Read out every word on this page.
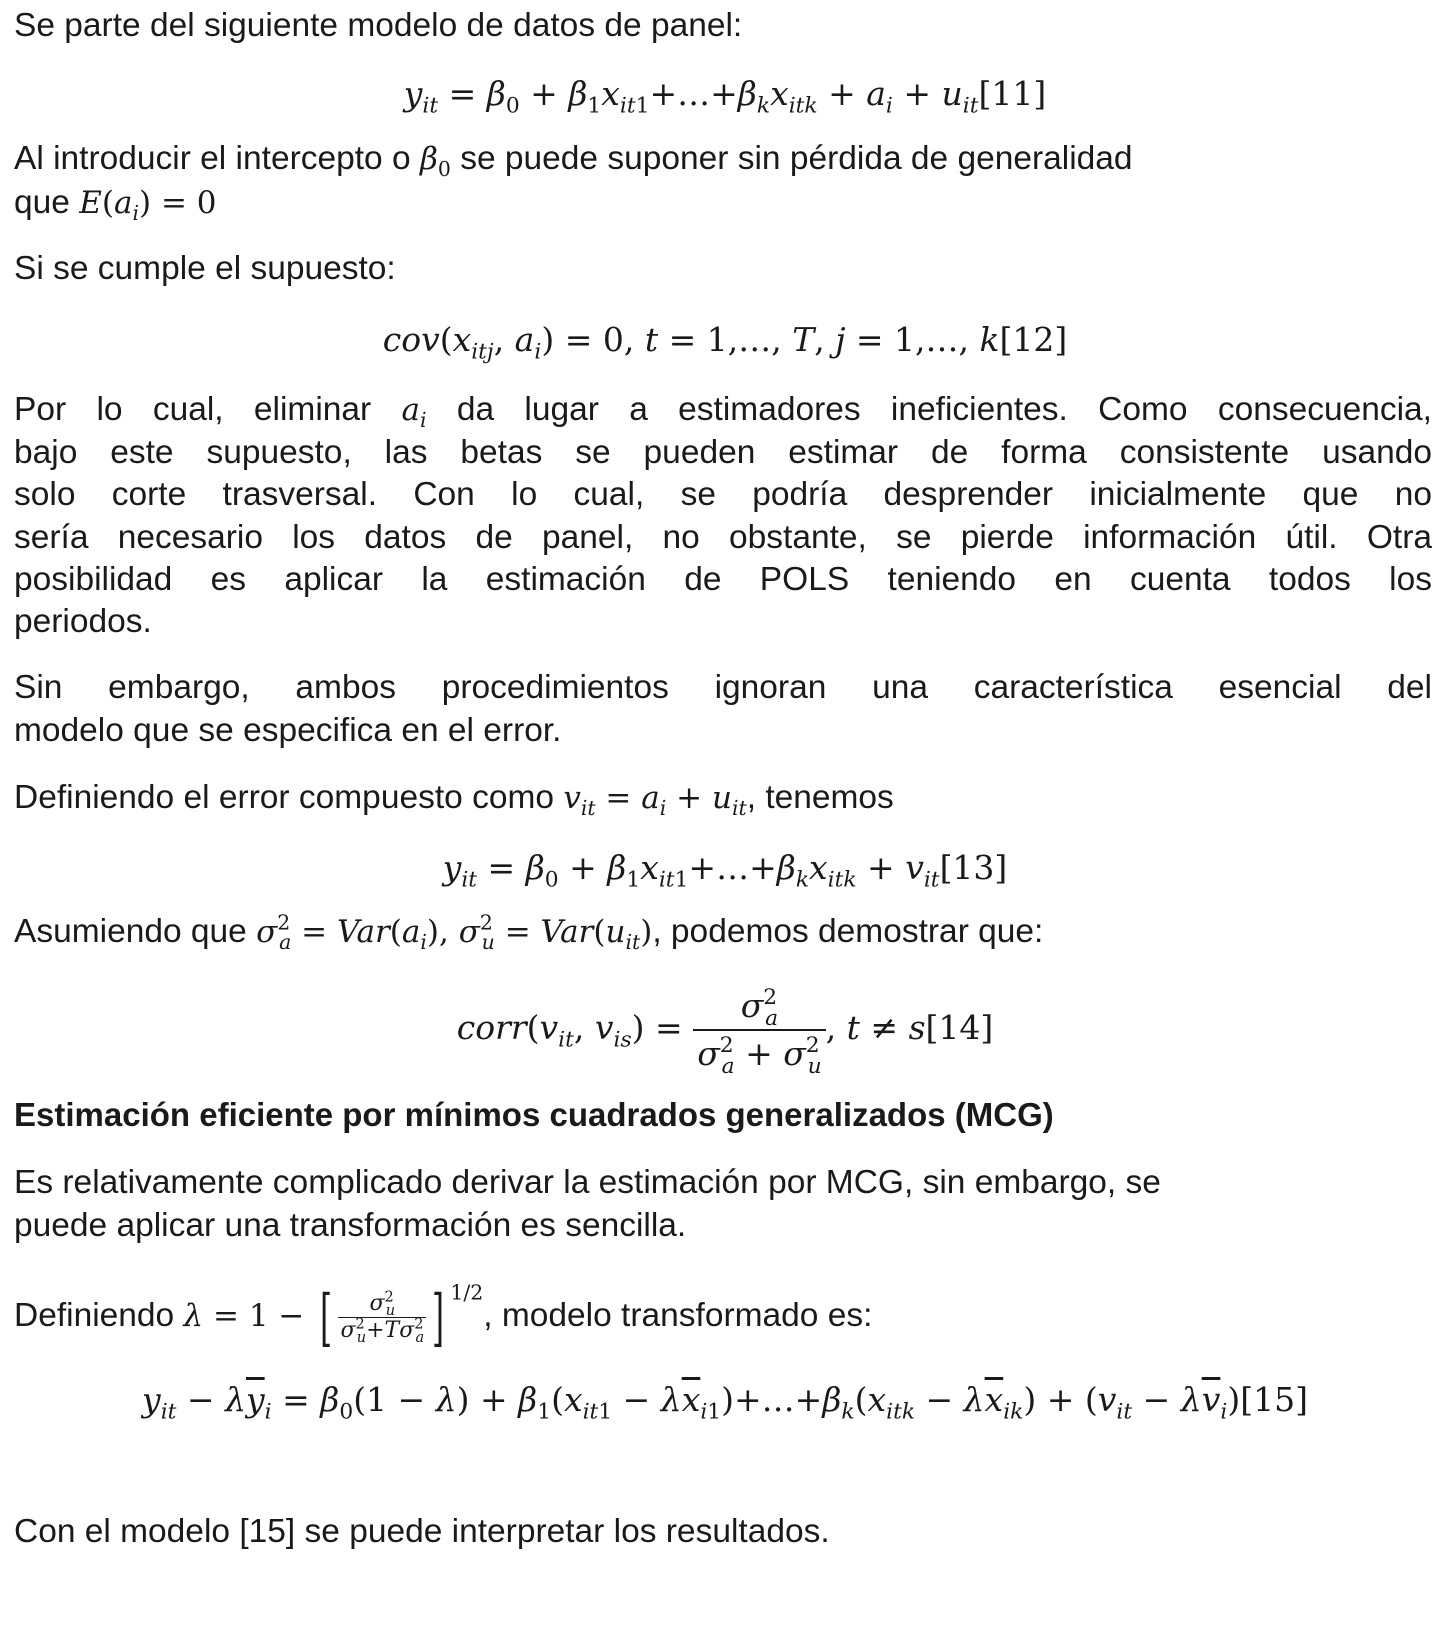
Se parte del siguiente modelo de datos de panel:

$y_{it} = \beta_0$ + $\beta_1x_{it1}+\dots+\beta_kx_{itk} + a_i + u_{it}[11]$

Al introducir el intercepto o $\beta_0$ se puede suponer sin pérdida de generalidad

que $E(a_i) = 0$

Si se cumple el supuesto:

$cov(x_{itj}$, $a_i) = 0$, t = 1,…, T, j = 1,…, k[12]

Por lo cual, eliminar $a_i$ da lugar a estimadores ineficientes. Como consecuencia,

bajo este supuesto, las betas se pueden estimar de forma consistente usando

solo corte trasversal. Con lo cual, se podría desprender inicialmente que no

sería necesario los datos de panel, no obstante, se pierde información útil. Otra

posibilidad es aplicar la estimación de POLS teniendo en cuenta todos los

periodos.

Sin embargo, ambos procedimientos ignoran una característica esencial del

modelo que se especifica en el error.

Definiendo el error compuesto como $v_{it} = a_i + u_{it}$, tenemos

$y_{it} = \beta_0$ + $\beta_1x_{it1}+\dots+\beta_kx_{itk} + v_{it}[13]$

Asumiendo que $\sigma^2_a = Var(a_i)$, $\sigma^2_u = Var(u_{it})$, podemos demostrar que:

$corr(v_{it}$, $v_{is}) = \frac{\sigma^2_a}{\sigma^2_a + \sigma^2_u}$ , t ≠ s[14]
Estimación eficiente por mínimos cuadrados generalizados (MCG)

Es relativamente complicado derivar la estimación por MCG, sin embargo, se

puede aplicar una transformación es sencilla.

Definiendo λ = 1 − [ $\frac{\sigma^2_u}{\sigma^2_u+T\sigma^2_a}$ ] $^{1/2}$, modelo transformado es:

$y_{it} - \lambda\overline{y}_i = \beta_0(1 - \lambda) + \beta_1(x_{it1}$ − $\lambda\overline{x}_{i1})+\dots+\beta_k(x_{itk} - \lambda\overline{x}_{ik}) + (v_{it} - \lambda\overline{v}_i)[15]$

Con el modelo [15] se puede interpretar los resultados.
